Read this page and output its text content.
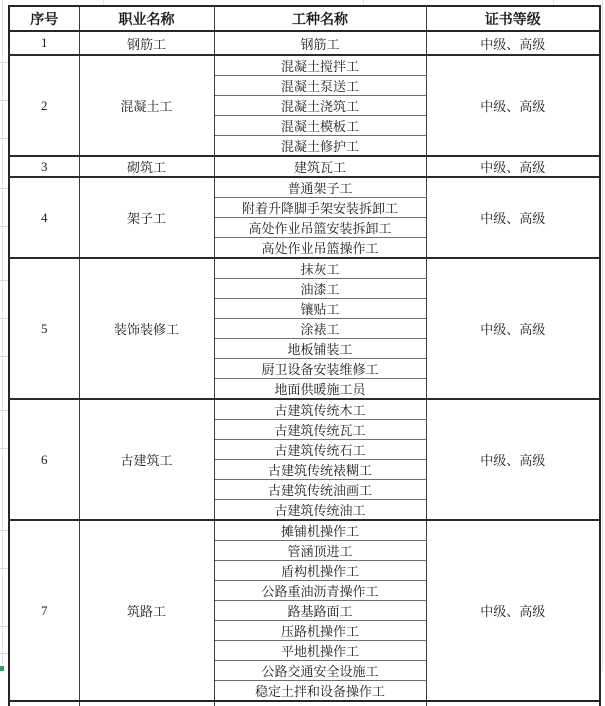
序号	职业名称	工种名称	证书等级
1	钢筋工	钢筋工	中级、高级
2	混凝土工	混凝土搅拌工	中级、高级
		混凝土泵送工	
		混凝土浇筑工	
		混凝土模板工	
		混凝土修护工	
3	砌筑工	建筑瓦工	中级、高级
4	架子工	普通架子工	中级、高级
		附着升降脚手架安装拆卸工	
		高处作业吊篮安装拆卸工	
		高处作业吊篮操作工	
5	装饰装修工	抹灰工	中级、高级
		油漆工	
		镶贴工	
		涂裱工	
		地板铺装工	
		厨卫设备安装维修工	
		地面供暖施工员	
6	古建筑工	古建筑传统木工	中级、高级
		古建筑传统瓦工	
		古建筑传统石工	
		古建筑传统裱糊工	
		古建筑传统油画工	
		古建筑传统油工	
7	筑路工	摊铺机操作工	中级、高级
		管涵顶进工	
		盾构机操作工	
		公路重油沥青操作工	
		路基路面工	
		压路机操作工	
		平地机操作工	
		公路交通安全设施工	
		稳定土拌和设备操作工	
